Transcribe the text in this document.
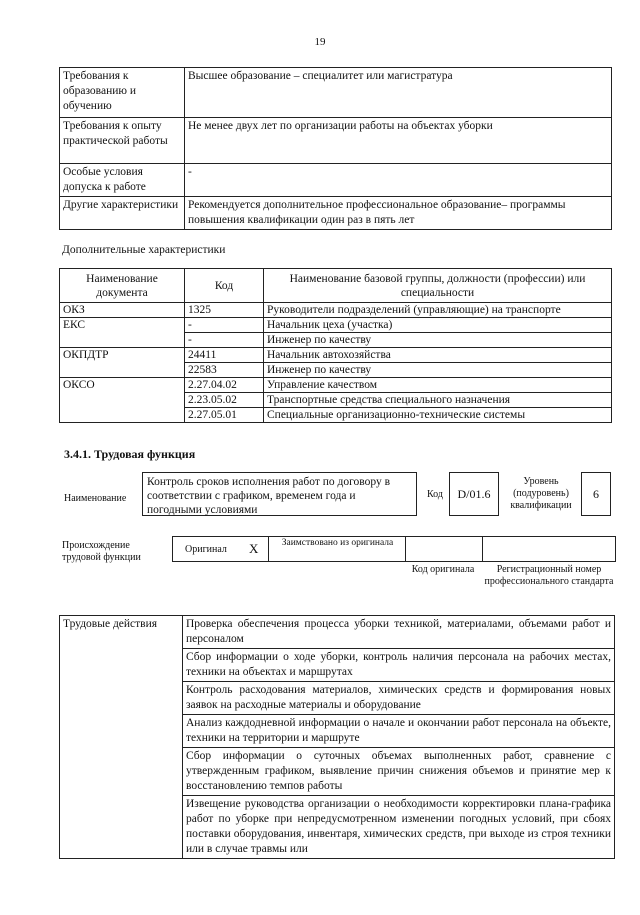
19
Требования к образованию и обучению	Высшее образование – специалитет или магистратура
Требования к опыту практической работы	Не менее двух лет по организации работы на объектах уборки
Особые условия допуска к работе	-
Другие характеристики	Рекомендуется дополнительное профессиональное образование– программы повышения квалификации один раз в пять лет
Дополнительные характеристики
Наименование документа	Код	Наименование базовой группы, должности (профессии) или специальности
ОКЗ	1325	Руководители подразделений (управляющие) на транспорте
ЕКС	-	Начальник цеха (участка)
	-	Инженер по качеству
ОКПДТР	24411	Начальник автохозяйства
	22583	Инженер по качеству
ОКСО	2.27.04.02	Управление качеством
	2.23.05.02	Транспортные средства специального назначения
	2.27.05.01	Специальные организационно-технические системы
3.4.1. Трудовая функция
Наименование
Контроль сроков исполнения работ по договору в соответствии с графиком, временем года и погодными условиями
Код	D/01.6
Уровень (подуровень) квалификации
6
Происхождение трудовой функции
Оригинал X	Заимствовано из оригинала
Код оригинала	Регистрационный номер профессионального стандарта
Трудовые действия	Проверка обеспечения процесса уборки техникой, материалами, объемами работ и персоналом
Сбор информации о ходе уборки, контроль наличия персонала на рабочих местах, техники на объектах и маршрутах
Контроль расходования материалов, химических средств и формирования новых заявок на расходные материалы и оборудование
Анализ каждодневной информации о начале и окончании работ персонала на объекте, техники на территории и маршруте
Сбор информации о суточных объемах выполненных работ, сравнение с утвержденным графиком, выявление причин снижения объемов и принятие мер к восстановлению темпов работы
Извещение руководства организации о необходимости корректировки плана-графика работ по уборке при непредусмотренном изменении погодных условий, при сбоях поставки оборудования, инвентаря, химических средств, при выходе из строя техники или в случае травмы или
